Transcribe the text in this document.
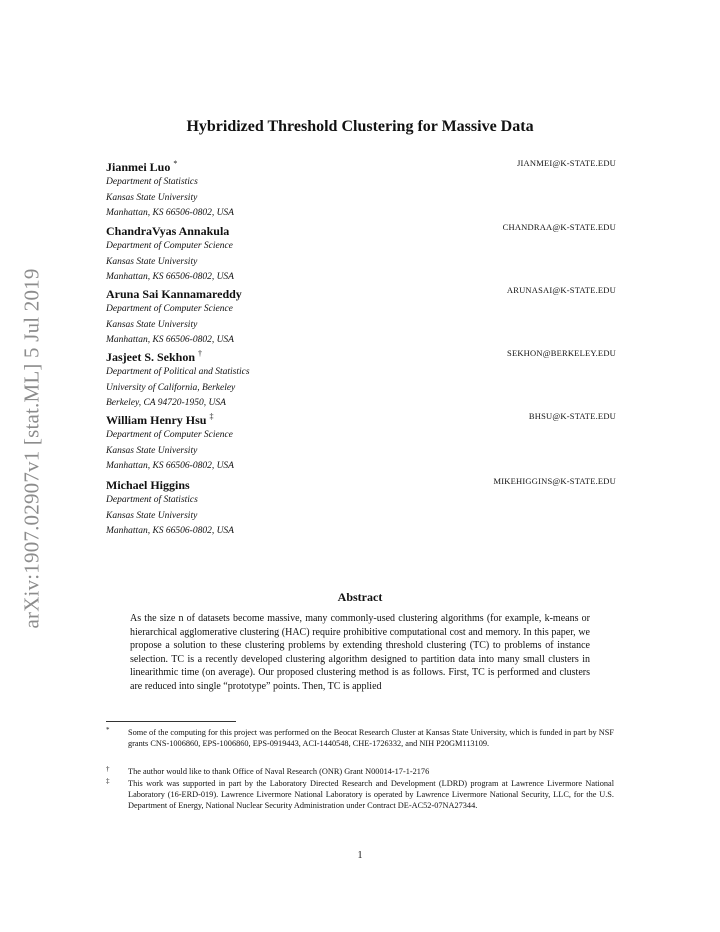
arXiv:1907.02907v1 [stat.ML] 5 Jul 2019
Hybridized Threshold Clustering for Massive Data
Jianmei Luo *
Department of Statistics
Kansas State University
Manhattan, KS 66506-0802, USA
JIANMEI@K-STATE.EDU
ChandraVyas Annakula
Department of Computer Science
Kansas State University
Manhattan, KS 66506-0802, USA
CHANDRAA@K-STATE.EDU
Aruna Sai Kannamareddy
Department of Computer Science
Kansas State University
Manhattan, KS 66506-0802, USA
ARUNASAI@K-STATE.EDU
Jasjeet S. Sekhon †
Department of Political and Statistics
University of California, Berkeley
Berkeley, CA 94720-1950, USA
SEKHON@BERKELEY.EDU
William Henry Hsu ‡
Department of Computer Science
Kansas State University
Manhattan, KS 66506-0802, USA
BHSU@K-STATE.EDU
Michael Higgins
Department of Statistics
Kansas State University
Manhattan, KS 66506-0802, USA
MIKEHIGGINS@K-STATE.EDU
Abstract
As the size n of datasets become massive, many commonly-used clustering algorithms (for example, k-means or hierarchical agglomerative clustering (HAC) require prohibitive computational cost and memory. In this paper, we propose a solution to these clustering problems by extending threshold clustering (TC) to problems of instance selection. TC is a recently developed clustering algorithm designed to partition data into many small clusters in linearithmic time (on average). Our proposed clustering method is as follows. First, TC is performed and clusters are reduced into single “prototype” points. Then, TC is applied
* Some of the computing for this project was performed on the Beocat Research Cluster at Kansas State University, which is funded in part by NSF grants CNS-1006860, EPS-1006860, EPS-0919443, ACI-1440548, CHE-1726332, and NIH P20GM113109.
† The author would like to thank Office of Naval Research (ONR) Grant N00014-17-1-2176
‡ This work was supported in part by the Laboratory Directed Research and Development (LDRD) program at Lawrence Livermore National Laboratory (16-ERD-019). Lawrence Livermore National Laboratory is operated by Lawrence Livermore National Security, LLC, for the U.S. Department of Energy, National Nuclear Security Administration under Contract DE-AC52-07NA27344.
1
